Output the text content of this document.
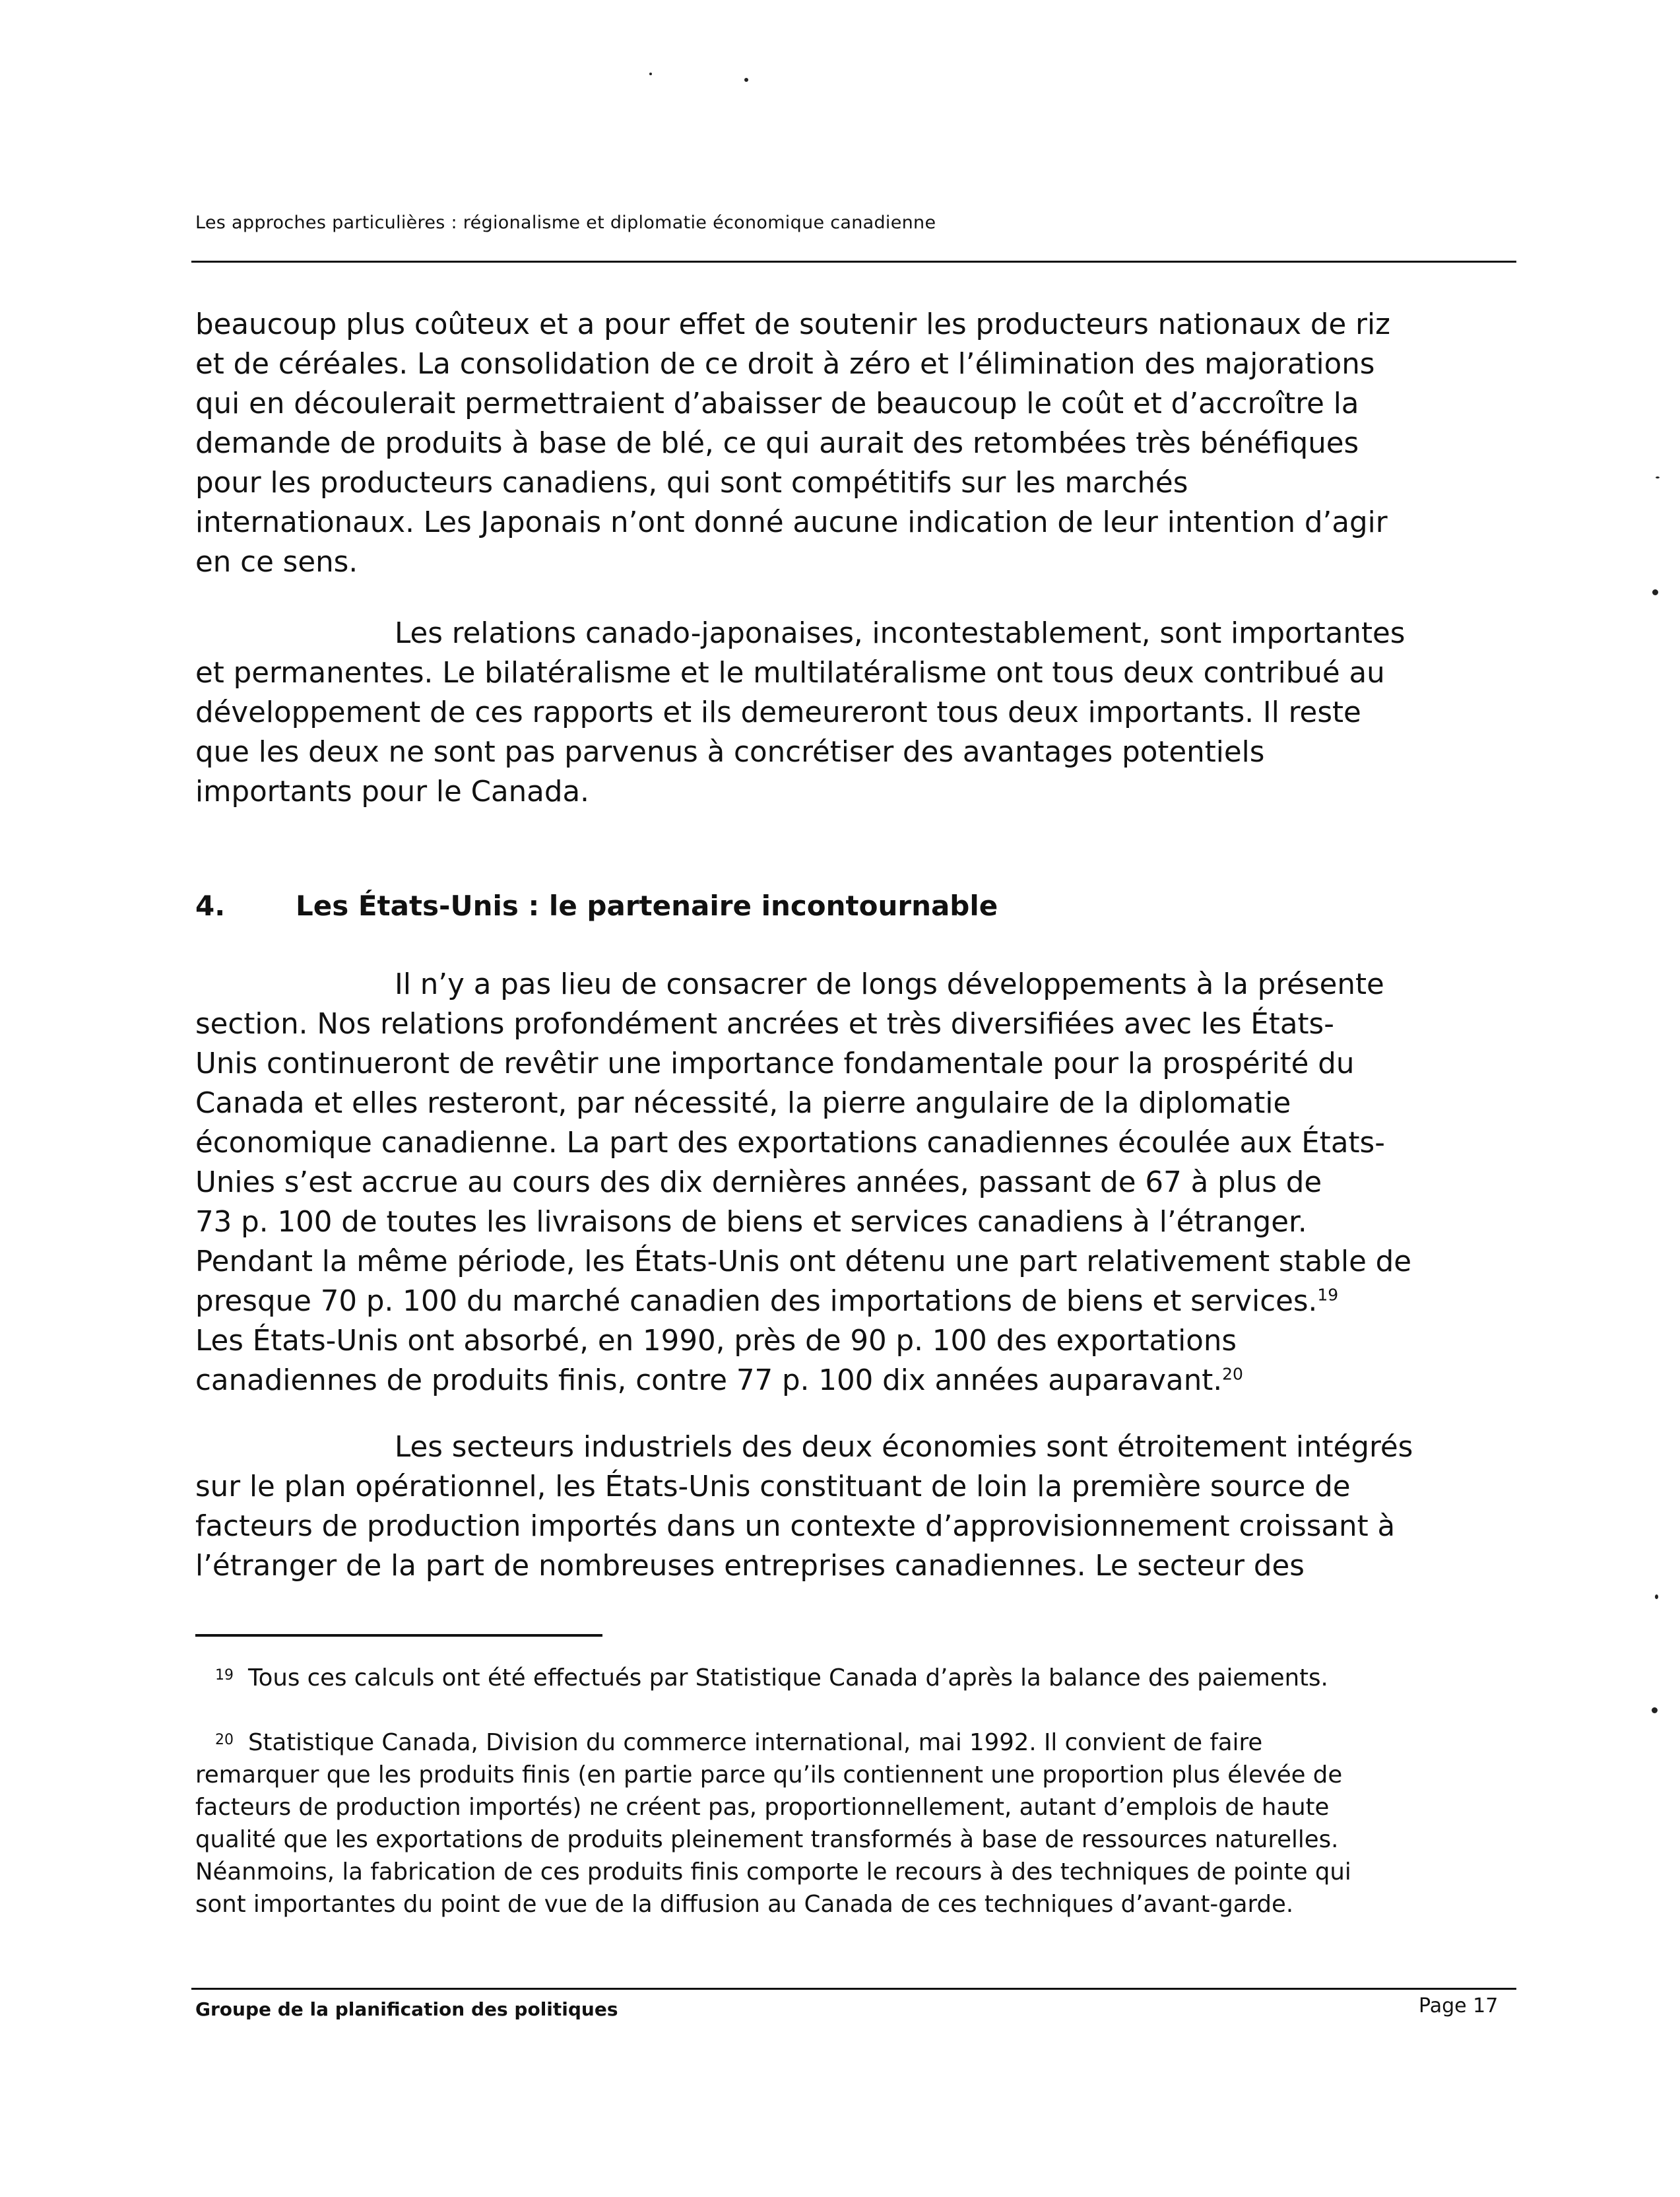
Les approches particulières : régionalisme et diplomatie économique canadienne
beaucoup plus coûteux et a pour effet de soutenir les producteurs nationaux de riz
et de céréales. La consolidation de ce droit à zéro et l’élimination des majorations
qui en découlerait permettraient d’abaisser de beaucoup le coût et d’accroître la
demande de produits à base de blé, ce qui aurait des retombées très bénéfiques
pour les producteurs canadiens, qui sont compétitifs sur les marchés
internationaux. Les Japonais n’ont donné aucune indication de leur intention d’agir
en ce sens.
Les relations canado-japonaises, incontestablement, sont importantes
et permanentes. Le bilatéralisme et le multilatéralisme ont tous deux contribué au
développement de ces rapports et ils demeureront tous deux importants. Il reste
que les deux ne sont pas parvenus à concrétiser des avantages potentiels
importants pour le Canada.
4.	Les États-Unis : le partenaire incontournable
Il n’y a pas lieu de consacrer de longs développements à la présente
section. Nos relations profondément ancrées et très diversifiées avec les États-
Unis continueront de revêtir une importance fondamentale pour la prospérité du
Canada et elles resteront, par nécessité, la pierre angulaire de la diplomatie
économique canadienne. La part des exportations canadiennes écoulée aux États-
Unies s’est accrue au cours des dix dernières années, passant de 67 à plus de
73 p. 100 de toutes les livraisons de biens et services canadiens à l’étranger.
Pendant la même période, les États-Unis ont détenu une part relativement stable de
presque 70 p. 100 du marché canadien des importations de biens et services.$^{19}$
Les États-Unis ont absorbé, en 1990, près de 90 p. 100 des exportations
canadiennes de produits finis, contre 77 p. 100 dix années auparavant.$^{20}$
Les secteurs industriels des deux économies sont étroitement intégrés
sur le plan opérationnel, les États-Unis constituant de loin la première source de
facteurs de production importés dans un contexte d’approvisionnement croissant à
l’étranger de la part de nombreuses entreprises canadiennes. Le secteur des
19 Tous ces calculs ont été effectués par Statistique Canada d’après la balance des paiements.
20 Statistique Canada, Division du commerce international, mai 1992. Il convient de faire
remarquer que les produits finis (en partie parce qu’ils contiennent une proportion plus élevée de
facteurs de production importés) ne créent pas, proportionnellement, autant d’emplois de haute
qualité que les exportations de produits pleinement transformés à base de ressources naturelles.
Néanmoins, la fabrication de ces produits finis comporte le recours à des techniques de pointe qui
sont importantes du point de vue de la diffusion au Canada de ces techniques d’avant-garde.
Groupe de la planification des politiques	Page 17
